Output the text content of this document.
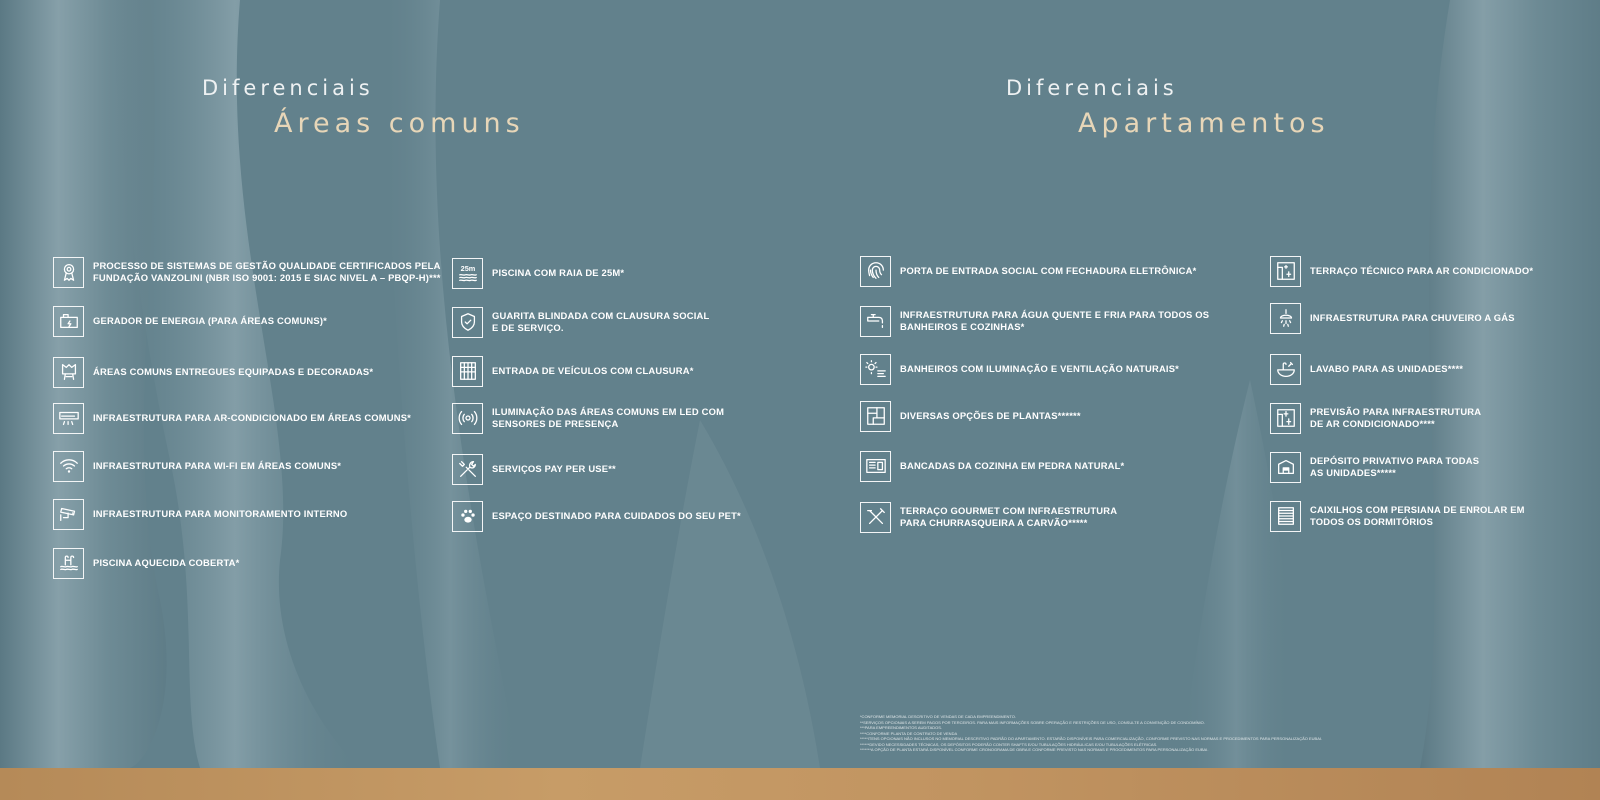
Diferenciais
Áreas comuns
Diferenciais
Apartamentos
PROCESSO DE SISTEMAS DE GESTÃO QUALIDADE CERTIFICADOS PELA
FUNDAÇÃO VANZOLINI (NBR ISO 9001: 2015 E SIAC NIVEL A – PBQP-H)***
GERADOR DE ENERGIA (PARA ÁREAS COMUNS)*
ÁREAS COMUNS ENTREGUES EQUIPADAS E DECORADAS*
INFRAESTRUTURA PARA AR-CONDICIONADO EM ÁREAS COMUNS*
INFRAESTRUTURA PARA WI-FI EM ÁREAS COMUNS*
INFRAESTRUTURA PARA MONITORAMENTO INTERNO
PISCINA AQUECIDA COBERTA*
25m PISCINA COM RAIA DE 25M*
GUARITA BLINDADA COM CLAUSURA SOCIAL
E DE SERVIÇO.
ENTRADA DE VEÍCULOS COM CLAUSURA*
ILUMINAÇÃO DAS ÁREAS COMUNS EM LED COM
SENSORES DE PRESENÇA
SERVIÇOS PAY PER USE**
ESPAÇO DESTINADO PARA CUIDADOS DO SEU PET*
PORTA DE ENTRADA SOCIAL COM FECHADURA ELETRÔNICA*
INFRAESTRUTURA PARA ÁGUA QUENTE E FRIA PARA TODOS OS
BANHEIROS E COZINHAS*
BANHEIROS COM ILUMINAÇÃO E VENTILAÇÃO NATURAIS*
DIVERSAS OPÇÕES DE PLANTAS******
BANCADAS DA COZINHA EM PEDRA NATURAL*
TERRAÇO GOURMET COM INFRAESTRUTURA
PARA CHURRASQUEIRA A CARVÃO*****
TERRAÇO TÉCNICO PARA AR CONDICIONADO*
INFRAESTRUTURA PARA CHUVEIRO A GÁS
LAVABO PARA AS UNIDADES****
PREVISÃO PARA INFRAESTRUTURA
DE AR CONDICIONADO****
DEPÓSITO PRIVATIVO PARA TODAS
AS UNIDADES*****
CAIXILHOS COM PERSIANA DE ENROLAR EM
TODOS OS DORMITÓRIOS
*CONFORME MEMORIAL DESCRITIVO DE VENDAS DE CADA EMPREENDIMENTO.
**SERVIÇOS OPCIONAIS A SEREM PAGOS POR TERCEIROS. PARA MAIS INFORMAÇÕES SOBRE OPERAÇÃO E RESTRIÇÕES DE USO, CONSULTE A CONVENÇÃO DE CONDOMÍNIO.
***PARA EMPREENDIMENTOS AUDITADOS.
****CONFORME PLANTA DE CONTRATO DE VENDA
*****ITENS OPCIONAIS NÃO INCLUSOS NO MEMORIAL DESCRITIVO PADRÃO DO APARTAMENTO. ESTARÃO DISPONÍVEIS PARA COMERCIALIZAÇÃO, CONFORME PREVISTO NAS NORMAS E PROCEDIMENTOS PARA PERSONALIZAÇÃO EUBAI.
******DEVIDO NECESSIDADES TÉCNICAS, OS DEPÓSITOS PODERÃO CONTER SHAFTS E/OU TUBULAÇÕES HIDRÁULICAS E/OU TUBULAÇÕES ELÉTRICAS.
*******A OPÇÃO DE PLANTA ESTARÁ DISPONÍVEL CONFORME CRONOGRAMA DE OBRA E CONFORME PREVISTO NAS NORMAS E PROCEDIMENTOS PARA PERSONALIZAÇÃO EUBAI.
